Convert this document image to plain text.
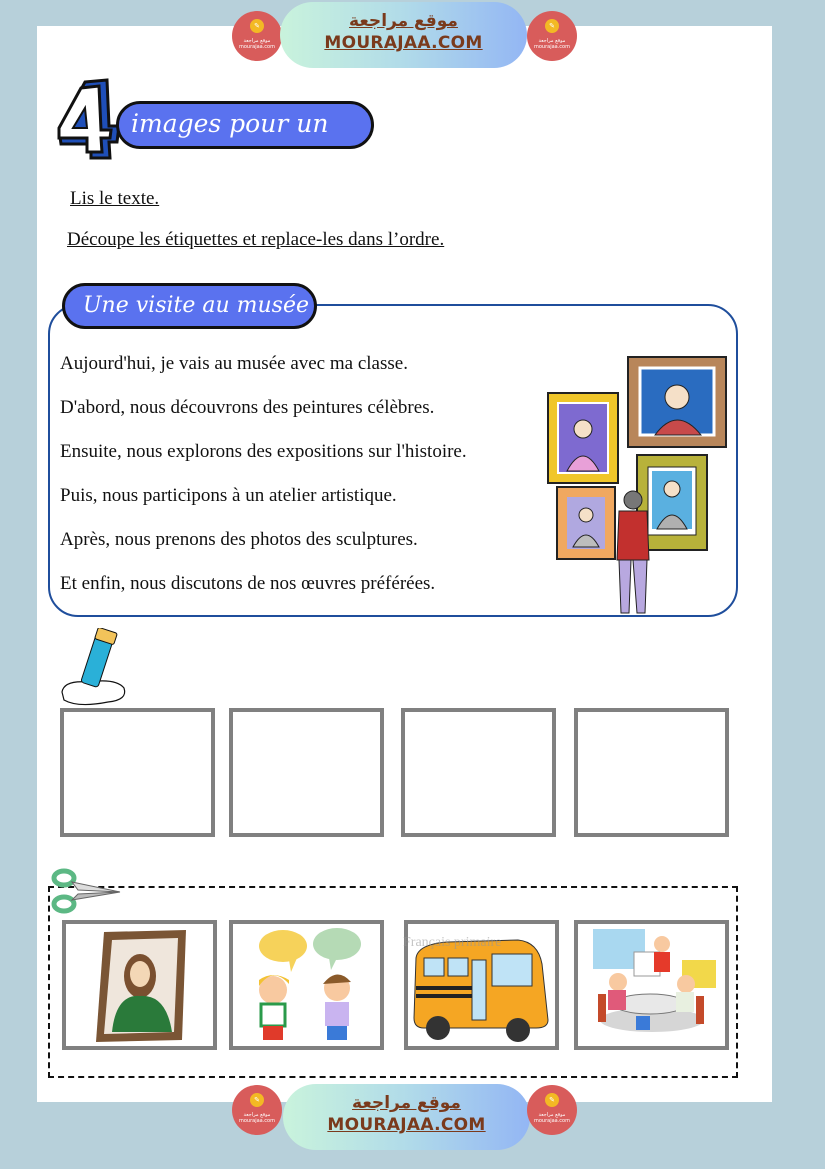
✎
موقع مراجعة
mourajaa.com
موقع مراجعة
MOURAJAA.COM
✎
موقع مراجعة
mourajaa.com
images pour un texte
Lis le texte.
Découpe les étiquettes et replace-les dans l’ordre.
Une visite au musée

Aujourd'hui, je vais au musée avec ma classe.

D'abord, nous découvrons des peintures célèbres.

Ensuite, nous explorons des expositions sur l'histoire.

Puis, nous participons à un atelier artistique.

Après, nous prenons des photos des sculptures.

Et enfin, nous discutons de nos œuvres préférées.

Français primaire
✎
موقع مراجعة
mourajaa.com
موقع مراجعة
MOURAJAA.COM
✎
موقع مراجعة
mourajaa.com
